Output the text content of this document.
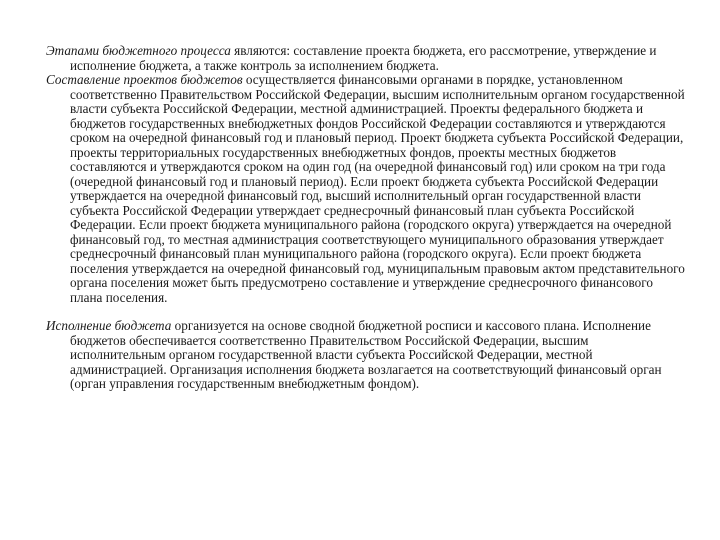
Этапами бюджетного процесса являются: составление проекта бюджета, его рассмотрение, утверждение и исполнение бюджета, а также контроль за исполнением бюджета.

Составление проектов бюджетов осуществляется финансовыми органами в порядке, установленном соответственно Правительством Российской Федерации, высшим исполнительным органом государственной власти субъекта Российской Федерации, местной администрацией. Проекты федерального бюджета и бюджетов государственных внебюджетных фондов Российской Федерации составляются и утверждаются сроком на очередной финансовый год и плановый период. Проект бюджета субъекта Российской Федерации, проекты территориальных государственных внебюджетных фондов, проекты местных бюджетов составляются и утверждаются сроком на один год (на очередной финансовый год) или сроком на три года (очередной финансовый год и плановый период). Если проект бюджета субъекта Российской Федерации утверждается на очередной финансовый год, высший исполнительный орган государственной власти субъекта Российской Федерации утверждает среднесрочный финансовый план субъекта Российской Федерации. Если проект бюджета муниципального района (городского округа) утверждается на очередной финансовый год, то местная администрация соответствующего муниципального образования утверждает среднесрочный финансовый план муниципального района (городского округа). Если проект бюджета поселения утверждается на очередной финансовый год, муниципальным правовым актом представительного органа поселения может быть предусмотрено составление и утверждение среднесрочного финансового плана поселения.

Исполнение бюджета организуется на основе сводной бюджетной росписи и кассового плана. Исполнение бюджетов обеспечивается соответственно Правительством Российской Федерации, высшим исполнительным органом государственной власти субъекта Российской Федерации, местной администрацией. Организация исполнения бюджета возлагается на соответствующий финансовый орган (орган управления государственным внебюджетным фондом).
